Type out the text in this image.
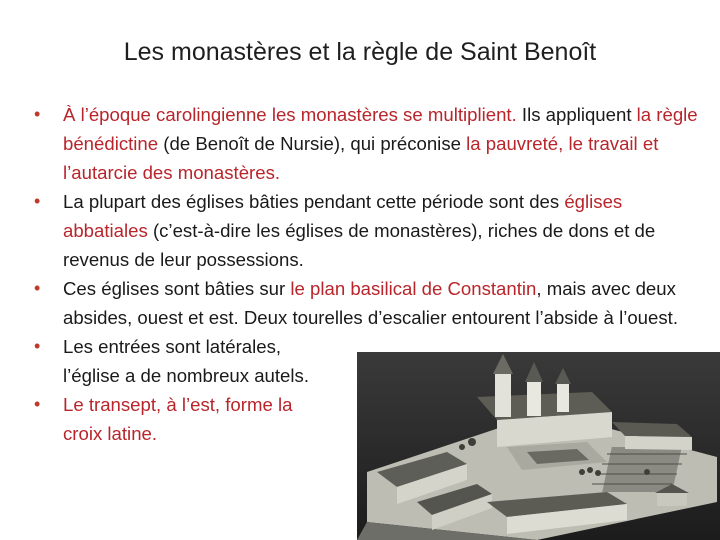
Les monastères et la règle de Saint Benoît
• À l’époque carolingienne les monastères se multiplient. Ils appliquent la règle bénédictine (de Benoît de Nursie), qui préconise la pauvreté, le travail et l’autarcie des monastères.
• La plupart des églises bâties pendant cette période sont des églises abbatiales (c’est-à-dire les églises de monastères), riches de dons et de revenus de leur possessions.
• Ces églises sont bâties sur le plan basilical de Constantin, mais avec deux absides, ouest et est. Deux tourelles d’escalier entourent l’abside à l’ouest.
• Les entrées sont latérales,
l’église a de nombreux autels.
• Le transept, à l’est, forme la
croix latine.
